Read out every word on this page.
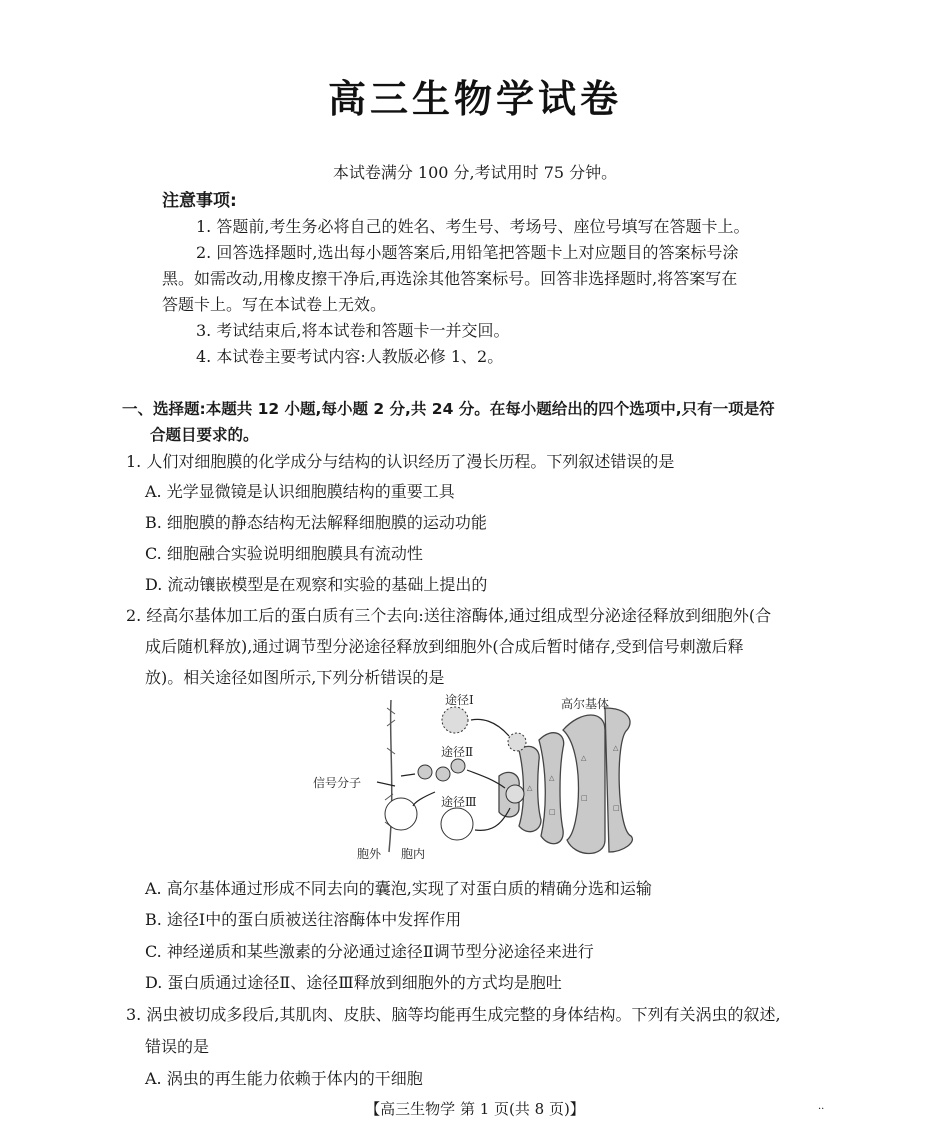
高三生物学试卷
本试卷满分 100 分,考试用时 75 分钟。
注意事项:
1. 答题前,考生务必将自己的姓名、考生号、考场号、座位号填写在答题卡上。
2. 回答选择题时,选出每小题答案后,用铅笔把答题卡上对应题目的答案标号涂
黑。如需改动,用橡皮擦干净后,再选涂其他答案标号。回答非选择题时,将答案写在
答题卡上。写在本试卷上无效。
3. 考试结束后,将本试卷和答题卡一并交回。
4. 本试卷主要考试内容:人教版必修 1、2。
一、选择题:本题共 12 小题,每小题 2 分,共 24 分。在每小题给出的四个选项中,只有一项是符
合题目要求的。
1. 人们对细胞膜的化学成分与结构的认识经历了漫长历程。下列叙述错误的是
A. 光学显微镜是认识细胞膜结构的重要工具
B. 细胞膜的静态结构无法解释细胞膜的运动功能
C. 细胞融合实验说明细胞膜具有流动性
D. 流动镶嵌模型是在观察和实验的基础上提出的
2. 经高尔基体加工后的蛋白质有三个去向:送往溶酶体,通过组成型分泌途径释放到细胞外(合
成后随机释放),通过调节型分泌途径释放到细胞外(合成后暂时储存,受到信号刺激后释
放)。相关途径如图所示,下列分析错误的是
△
□
△
□
△
△
□
途径Ⅰ
途径Ⅱ
途径Ⅲ
高尔基体
信号分子
胞外 胞内
A. 高尔基体通过形成不同去向的囊泡,实现了对蛋白质的精确分选和运输
B. 途径Ⅰ中的蛋白质被送往溶酶体中发挥作用
C. 神经递质和某些激素的分泌通过途径Ⅱ调节型分泌途径来进行
D. 蛋白质通过途径Ⅱ、途径Ⅲ释放到细胞外的方式均是胞吐
3. 涡虫被切成多段后,其肌肉、皮肤、脑等均能再生成完整的身体结构。下列有关涡虫的叙述,
错误的是
A. 涡虫的再生能力依赖于体内的干细胞
【高三生物学 第 1 页(共 8 页)】	··
